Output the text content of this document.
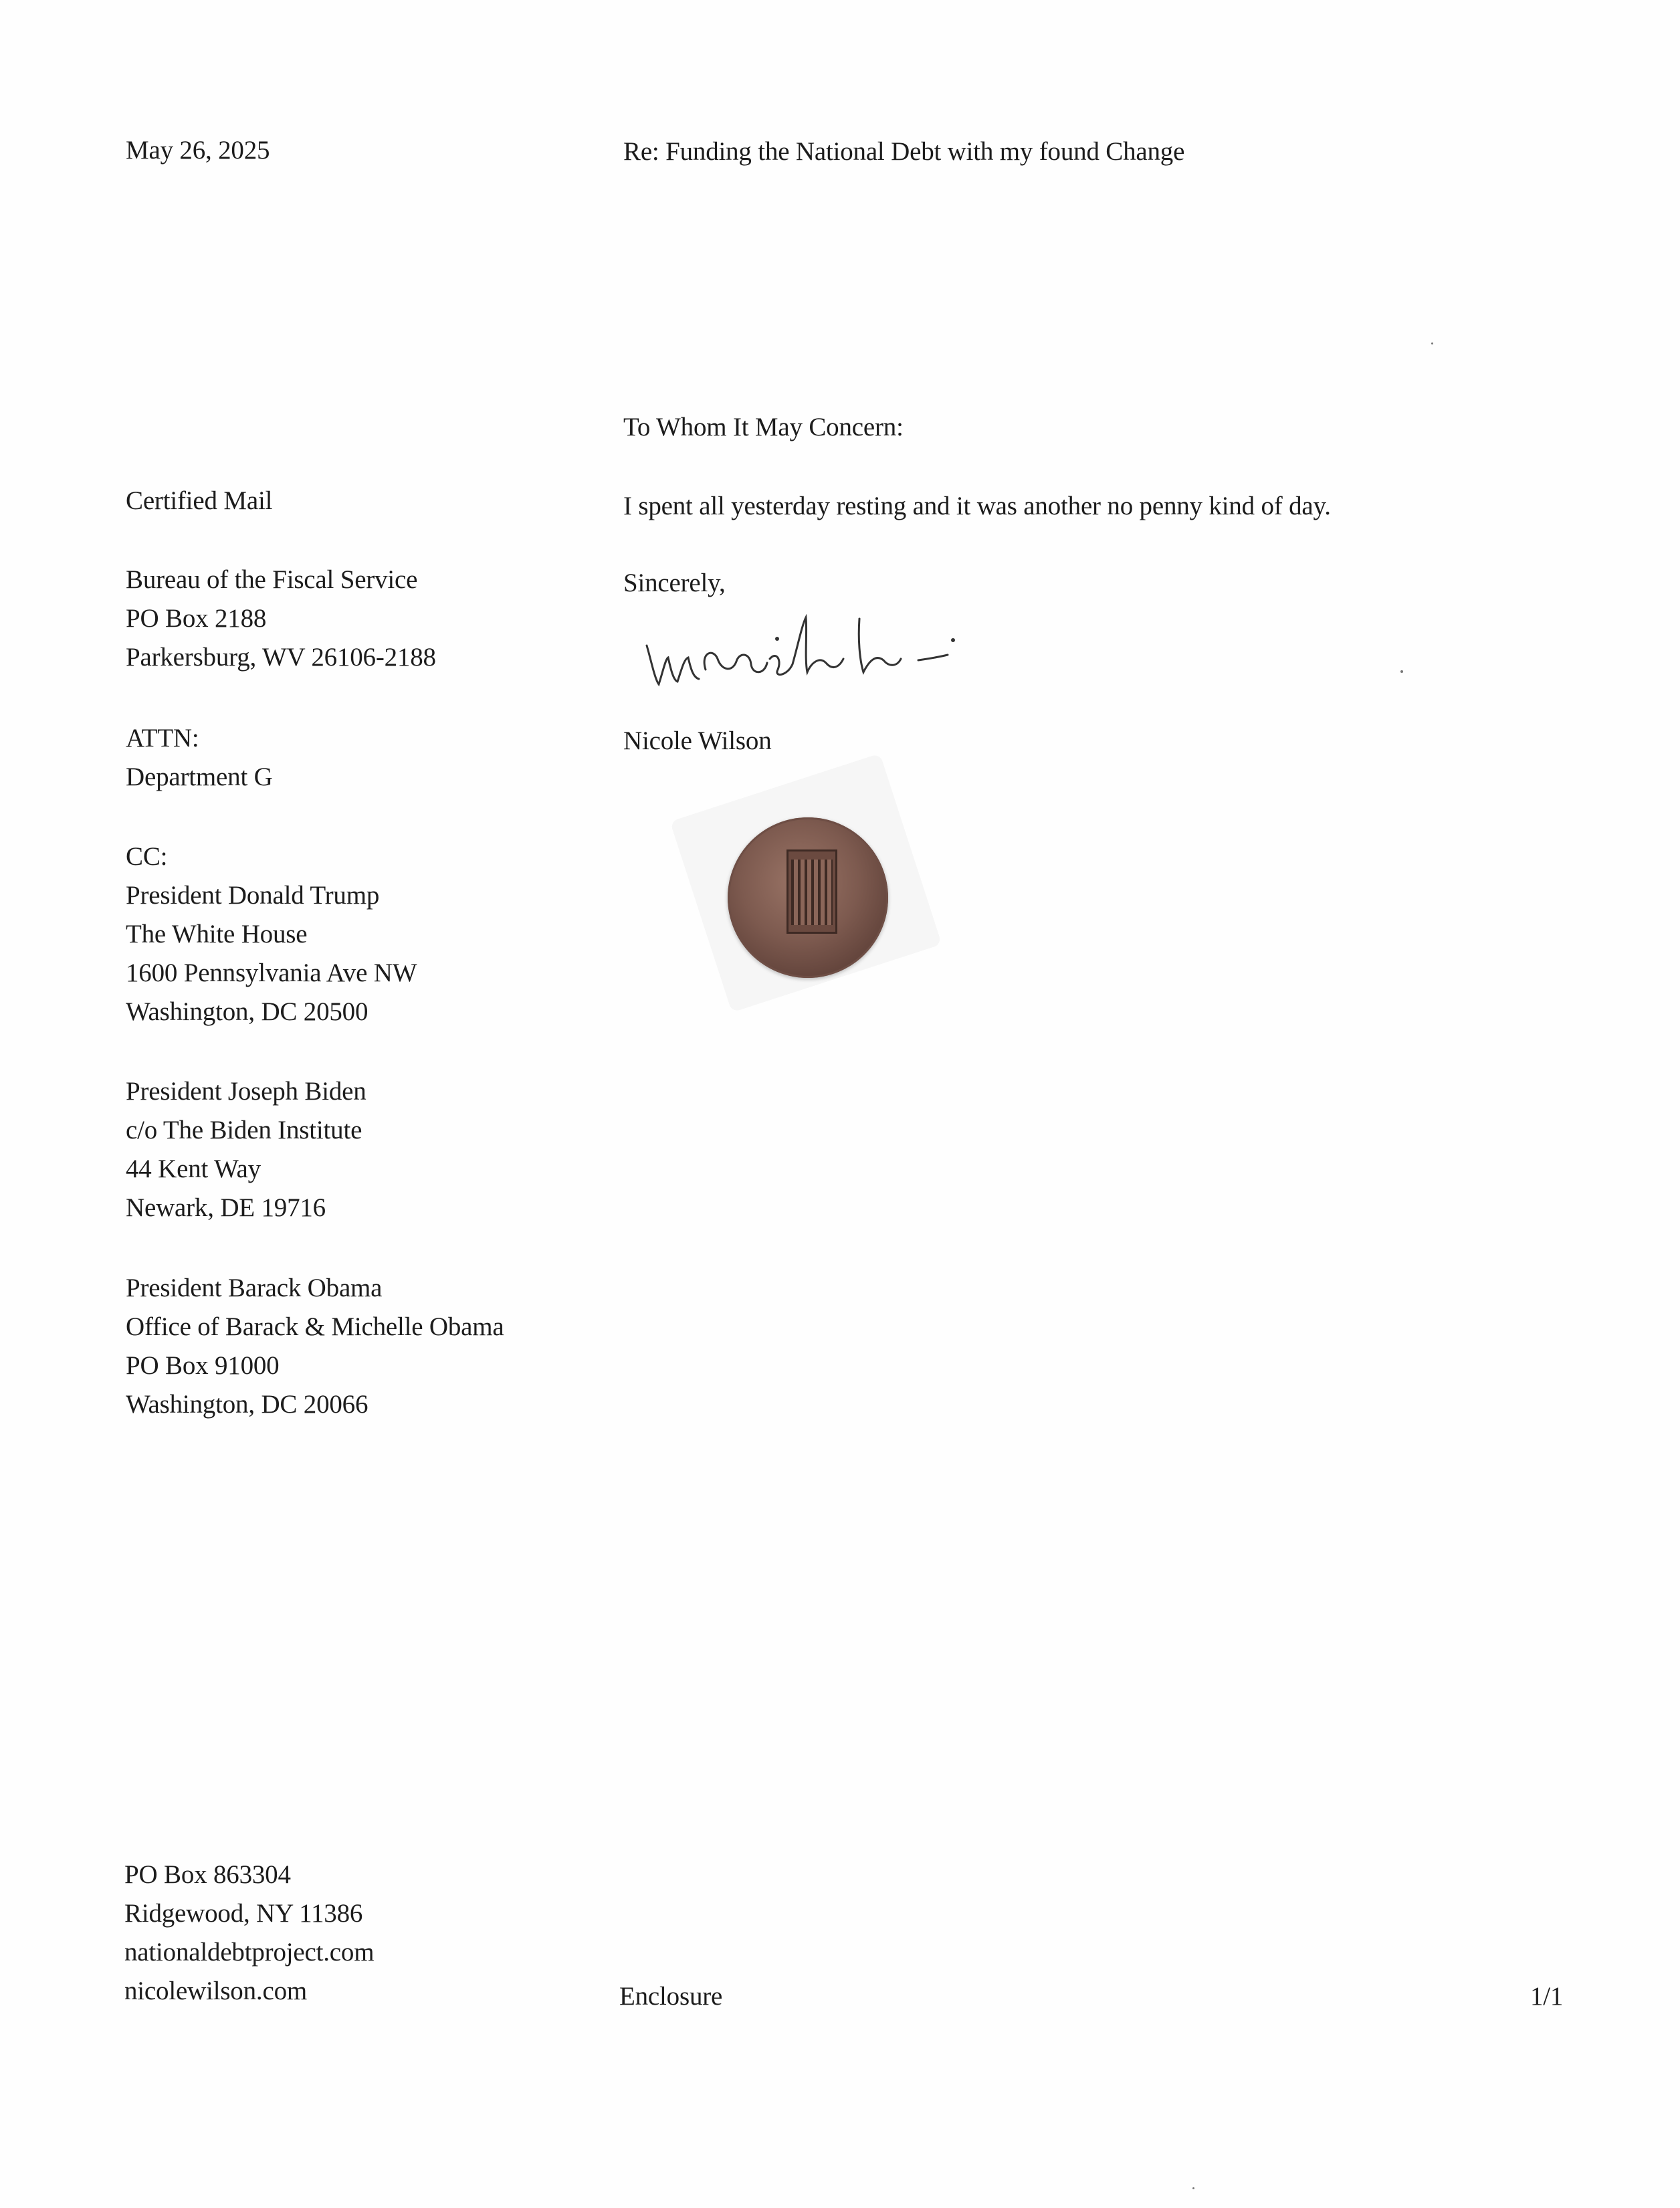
May 26, 2025	Re: Funding the National Debt with my found Change
Certified Mail
Bureau of the Fiscal Service
PO Box 2188
Parkersburg, WV 26106-2188
ATTN:
Department G
CC:
President Donald Trump
The White House
1600 Pennsylvania Ave NW
Washington, DC 20500
President Joseph Biden
c/o The Biden Institute
44 Kent Way
Newark, DE 19716
President Barack Obama
Office of Barack & Michelle Obama
PO Box 91000
Washington, DC 20066
To Whom It May Concern:
I spent all yesterday resting and it was another no penny kind of day.
Sincerely,
Nicole Wilson
PO Box 863304
Ridgewood, NY 11386
nationaldebtproject.com
nicolewilson.com	Enclosure	1/1
